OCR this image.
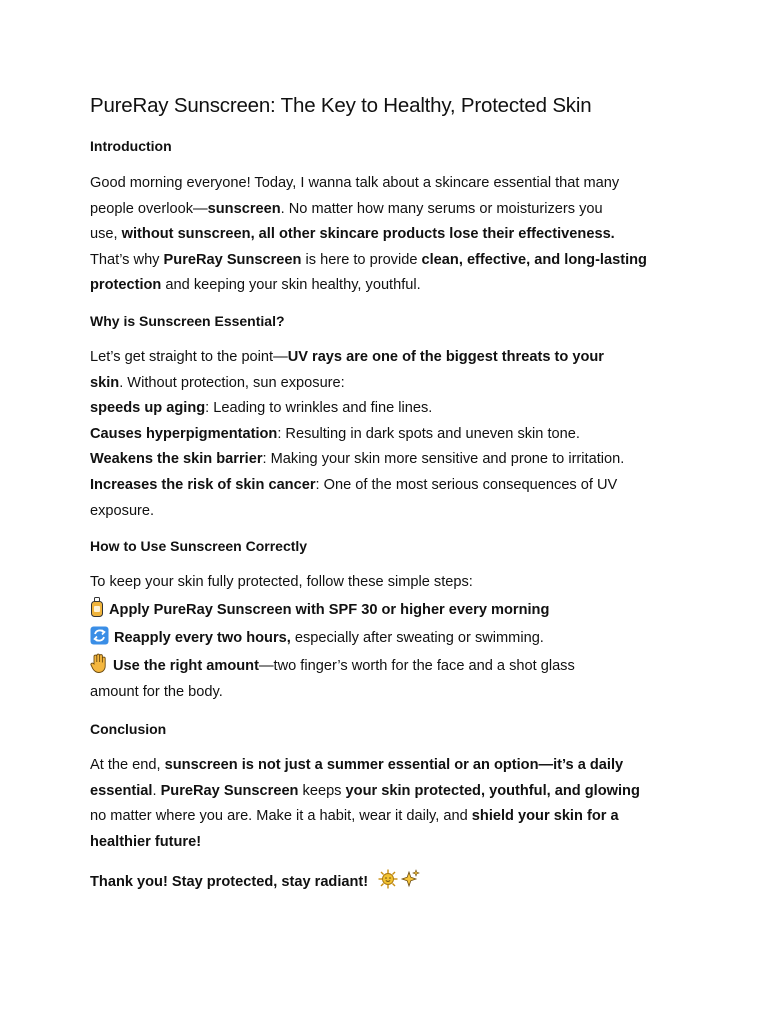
PureRay Sunscreen: The Key to Healthy, Protected Skin
Introduction
Good morning everyone! Today, I wanna talk about a skincare essential that many
people overlook—sunscreen. No matter how many serums or moisturizers you
use, without sunscreen, all other skincare products lose their effectiveness.
That’s why PureRay Sunscreen is here to provide clean, effective, and long-lasting
protection and keeping your skin healthy, youthful.
Why is Sunscreen Essential?
Let’s get straight to the point—UV rays are one of the biggest threats to your
skin. Without protection, sun exposure:
speeds up aging: Leading to wrinkles and fine lines.
Causes hyperpigmentation: Resulting in dark spots and uneven skin tone.
Weakens the skin barrier: Making your skin more sensitive and prone to irritation.
Increases the risk of skin cancer: One of the most serious consequences of UV
exposure.
How to Use Sunscreen Correctly
To keep your skin fully protected, follow these simple steps:
Apply PureRay Sunscreen with SPF 30 or higher every morning
Reapply every two hours, especially after sweating or swimming.
Use the right amount—two finger’s worth for the face and a shot glass
amount for the body.
Conclusion
At the end, sunscreen is not just a summer essential or an option—it’s a daily
essential. PureRay Sunscreen keeps your skin protected, youthful, and glowing
no matter where you are. Make it a habit, wear it daily, and shield your skin for a
healthier future!
Thank you! Stay protected, stay radiant!
